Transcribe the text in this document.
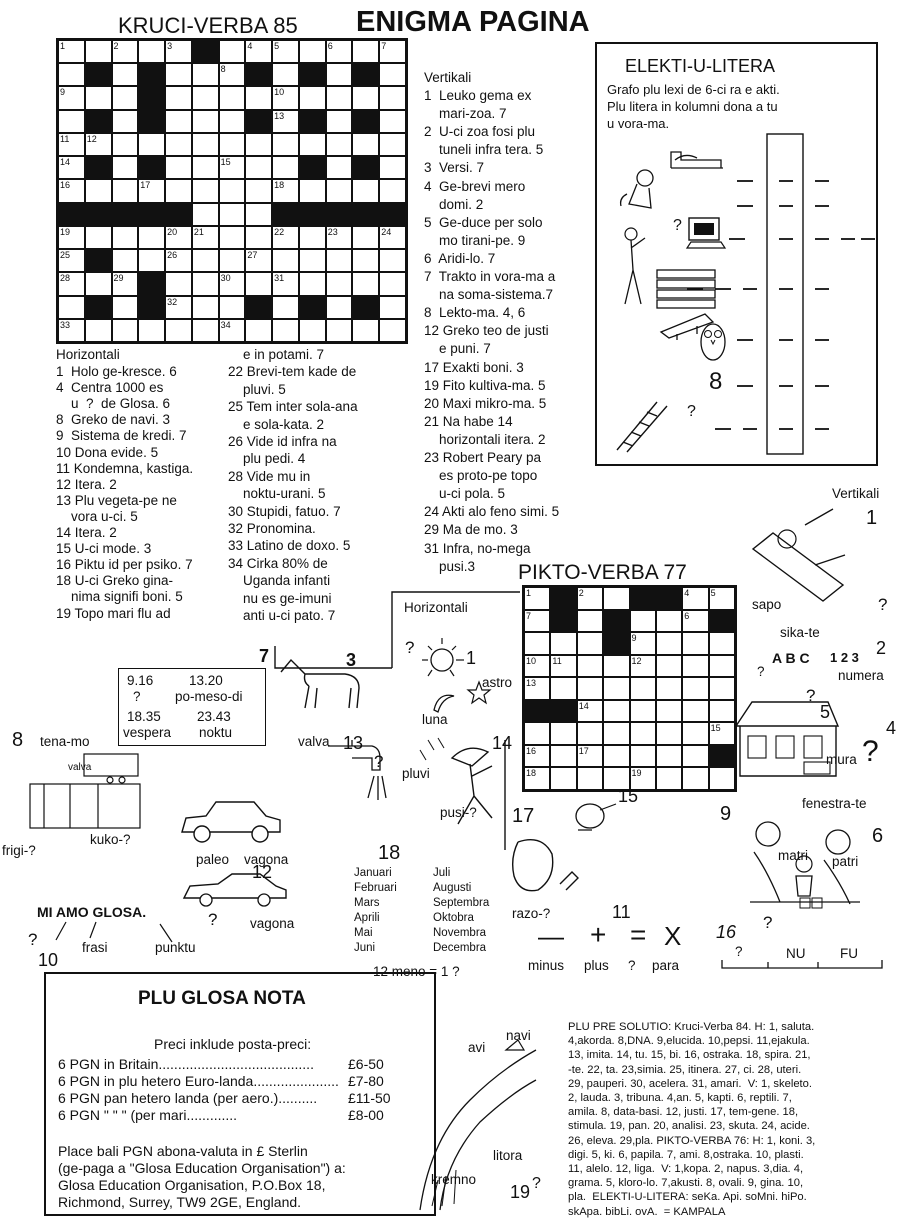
KRUCI-VERBA 85 ENIGMA PAGINA
1	2	3	4 5	6	7
8
9	10
13
11 12
14	15
16	17	18
19	20 21	22	23	24
25	26	27
28	29	30	31
32
33	34
Vertikali
1  Leuko gema ex
mari-zoa. 7
2  U-ci zoa fosi plu
tuneli infra tera. 5
3  Versi. 7
4  Ge-brevi mero
domi. 2
5  Ge-duce per solo
mo tirani-pe. 9
6  Aridi-lo. 7
7  Trakto in vora-ma a
na soma-sistema.7
8  Lekto-ma. 4, 6
12 Greko teo de justi
e puni. 7
17 Exakti boni. 3
19 Fito kultiva-ma. 5
20 Maxi mikro-ma. 5
21 Na habe 14
horizontali itera. 2
23 Robert Peary pa
es proto-pe topo
u-ci pola. 5
24 Akti alo feno simi. 5
29 Ma de mo. 3
31 Infra, no-mega
pusi.3
Horizontali
1  Holo ge-kresce. 6
4  Centra 1000 es
u  ?  de Glosa. 6
8  Greko de navi. 3
9  Sistema de kredi. 7
10 Dona evide. 5
11 Kondemna, kastiga.
12 Itera. 2
13 Plu vegeta-pe ne
vora u-ci. 5
14 Itera. 2
15 U-ci mode. 3
16 Piktu id per psiko. 7
18 U-ci Greko gina-
nima signifi boni. 5
19 Topo mari flu ad
e in potami. 7
22 Brevi-tem kade de
pluvi. 5
25 Tem inter sola-ana
e sola-kata. 2
26 Vide id infra na
plu pedi. 4
28 Vide mu in
noktu-urani. 5
30 Stupidi, fatuo. 7
32 Pronomina.
33 Latino de doxo. 5
34 Cirka 80% de
Uganda infanti
nu es ge-imuni
anti u-ci pato. 7
ELEKTI-U-LITERA
Grafo plu lexi de 6-ci ra e akti.
Plu litera in kolumni dona a tu
u vora-ma.
?
8
?
PIKTO-VERBA 77
1	2	4 5
7	6
9
10 11	12
13
14
15
16	17
18	19
Horizontali
Vertikali
?
1
astro
luna
1
sapo
sika-te
?
A B C 1 2 3 2
?	numera
?
5
mura ?
4
fenestra-te
matri patri
6
?
9.16	13.20
?	po-meso-di
18.35	23.43
vespera noktu
7	3
8 tena-mo
valva
frigi-?
kuko-?
valva 13
?
14
pluvi
pusi-? 17
15
9
paleo vagona
12
? vagona
18
Januari
Februari
Mars
Aprili
Mai
Juni
Juli
Augusti
Septembra
Oktobra
Novembra
Decembra
12 meno = 1 ?
razo-?	11
— + = X
minus plus ? para
16
?	NU	FU
MI AMO GLOSA.
?	frasi	punktu
10
PLU GLOSA NOTA
Preci inklude posta-preci:
6 PGN in Britain........................................ £6-50
6 PGN in plu hetero Euro-landa...................... £7-80
6 PGN pan hetero landa (per aero.).......... £11-50
6 PGN " " " (per mari.............	£8-00
Place bali PGN abona-valuta in £ Sterlin
(ge-paga a "Glosa Education Organisation") a:
Glosa Education Organisation, P.O.Box 18,
Richmond, Surrey, TW9 2GE, England.
avi
navi
litora
kremno
19 ?
PLU PRE SOLUTIO: Kruci-Verba 84. H: 1, saluta.
4,akorda. 8,DNA. 9,elucida. 10,pepsi. 11,ejakula.
13, imita. 14, tu. 15, bi. 16, ostraka. 18, spira. 21,
-te. 22, ta. 23,simia. 25, itinera. 27, ci. 28, uteri.
29, pauperi. 30, acelera. 31, amari.  V: 1, skeleto.
2, lauda. 3, tribuna. 4,an. 5, kapti. 6, reptili. 7,
amila. 8, data-basi. 12, justi. 17, tem-gene. 18,
stimula. 19, pan. 20, analisi. 23, skuta. 24, acide.
26, eleva. 29,pla. PIKTO-VERBA 76: H: 1, koni. 3,
digi. 5, ki. 6, papila. 7, ami. 8,ostraka. 10, plasti.
11, alelo. 12, liga.  V: 1,kopa. 2, napus. 3,dia. 4,
grama. 5, kloro-lo. 7,akusti. 8, ovali. 9, gina. 10,
pla.  ELEKTI-U-LITERA: seKa. Api. soMni. hiPo.
skApa. bibLi. ovA.  = KAMPALA
